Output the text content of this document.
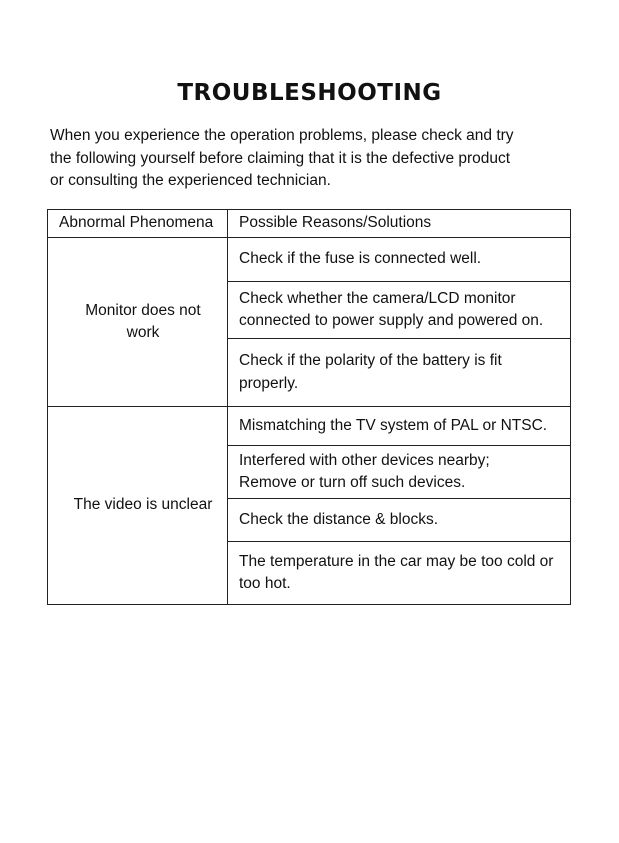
TROUBLESHOOTING

When you experience the operation problems, please check and try
the following yourself before claiming that it is the defective product
or consulting the experienced technician.

Abnormal Phenomena	Possible Reasons/Solutions

Monitor does not work	Check if the fuse is connected well.

	Check whether the camera/LCD monitor connected to power supply and powered on.

	Check if the polarity of the battery is fit properly.

The video is unclear	Mismatching the TV system of PAL or NTSC.

	Interfered with other devices nearby; Remove or turn off such devices.

	Check the distance & blocks.

	The temperature in the car may be too cold or too hot.
